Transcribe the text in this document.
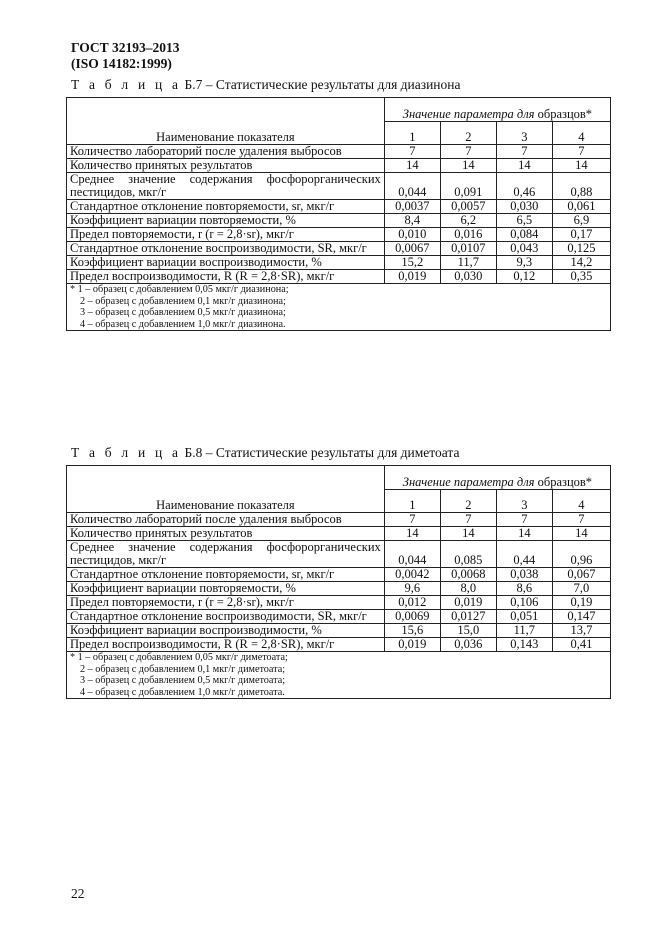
ГОСТ 32193–2013
(ISO 14182:1999)
Т а б л и ц а Б.7 – Статистические результаты для диазинона
Наименование показателя	Значение параметра для образцов*			
	1	2	3	4
Количество лабораторий после удаления выбросов	7	7	7	7
Количество принятых результатов	14	14	14	14
Среднее значение содержания фосфорорганических пестицидов, мкг/г	0,044	0,091	0,46	0,88
Стандартное отклонение повторяемости, sr, мкг/г	0,0037	0,0057	0,030	0,061
Коэффициент вариации повторяемости, %	8,4	6,2	6,5	6,9
Предел повторяемости, r (r = 2,8·sr), мкг/г	0,010	0,016	0,084	0,17
Стандартное отклонение воспроизводимости, SR, мкг/г	0,0067	0,0107	0,043	0,125
Коэффициент вариации воспроизводимости, %	15,2	11,7	9,3	14,2
Предел воспроизводимости, R (R = 2,8·SR), мкг/г	0,019	0,030	0,12	0,35

* 1 – образец с добавлением 0,05 мкг/г диазинона;
2 – образец с добавлением 0,1 мкг/г диазинона;
3 – образец с добавлением 0,5 мкг/г диазинона;
4 – образец с добавлением 1,0 мкг/г диазинона.				
Т а б л и ц а Б.8 – Статистические результаты для диметоата
Наименование показателя	Значение параметра для образцов*			
	1	2	3	4
Количество лабораторий после удаления выбросов	7	7	7	7
Количество принятых результатов	14	14	14	14
Среднее значение содержания фосфорорганических пестицидов, мкг/г	0,044	0,085	0,44	0,96
Стандартное отклонение повторяемости, sr, мкг/г	0,0042	0,0068	0,038	0,067
Коэффициент вариации повторяемости, %	9,6	8,0	8,6	7,0
Предел повторяемости, r (r = 2,8·sr), мкг/г	0,012	0,019	0,106	0,19
Стандартное отклонение воспроизводимости, SR, мкг/г	0,0069	0,0127	0,051	0,147
Коэффициент вариации воспроизводимости, %	15,6	15,0	11,7	13,7
Предел воспроизводимости, R (R = 2,8·SR), мкг/г	0,019	0,036	0,143	0,41

* 1 – образец с добавлением 0,05 мкг/г диметоата;
2 – образец с добавлением 0,1 мкг/г диметоата;
3 – образец с добавлением 0,5 мкг/г диметоата;
4 – образец с добавлением 1,0 мкг/г диметоата.				
22
